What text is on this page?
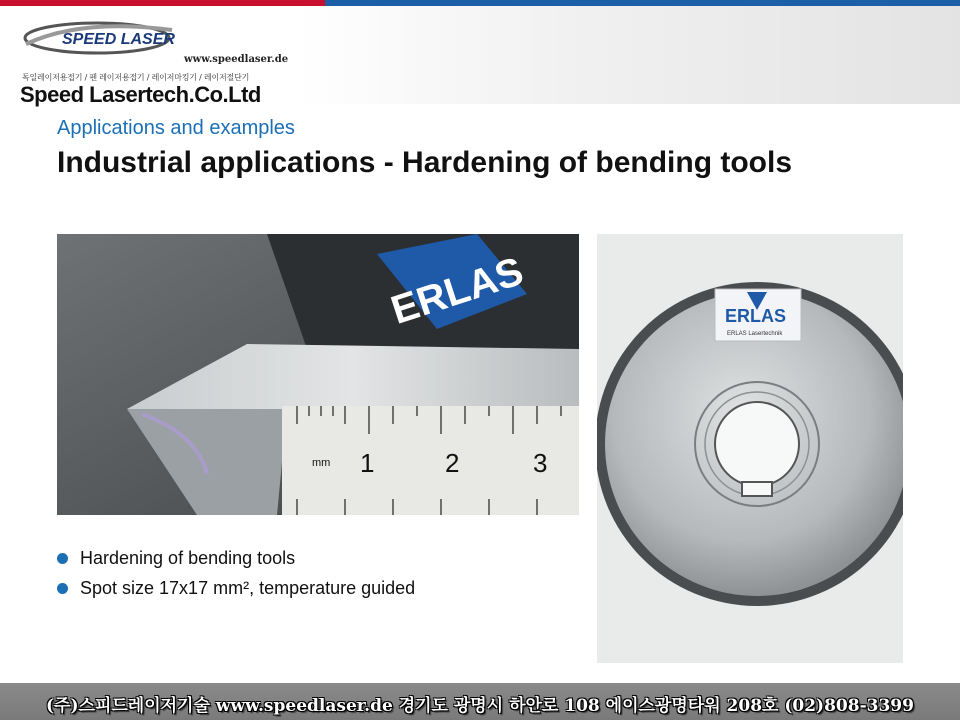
SPEED LASER
www.speedlaser.de
독일레이저용접기 / 펜 레이저용접기 / 레이저마킹기 / 레이저절단기
Speed Lasertech.Co.Ltd
Applications and examples
Industrial applications - Hardening of bending tools
ERLAS
mm 1	2	3
ERLAS
ERLAS Lasertechnik
Hardening of bending tools
Spot size 17x17 mm², temperature guided
(주)스피드레이저기술 www.speedlaser.de 경기도 광명시 하안로 108 에이스광명타워 208호 (02)808-3399
